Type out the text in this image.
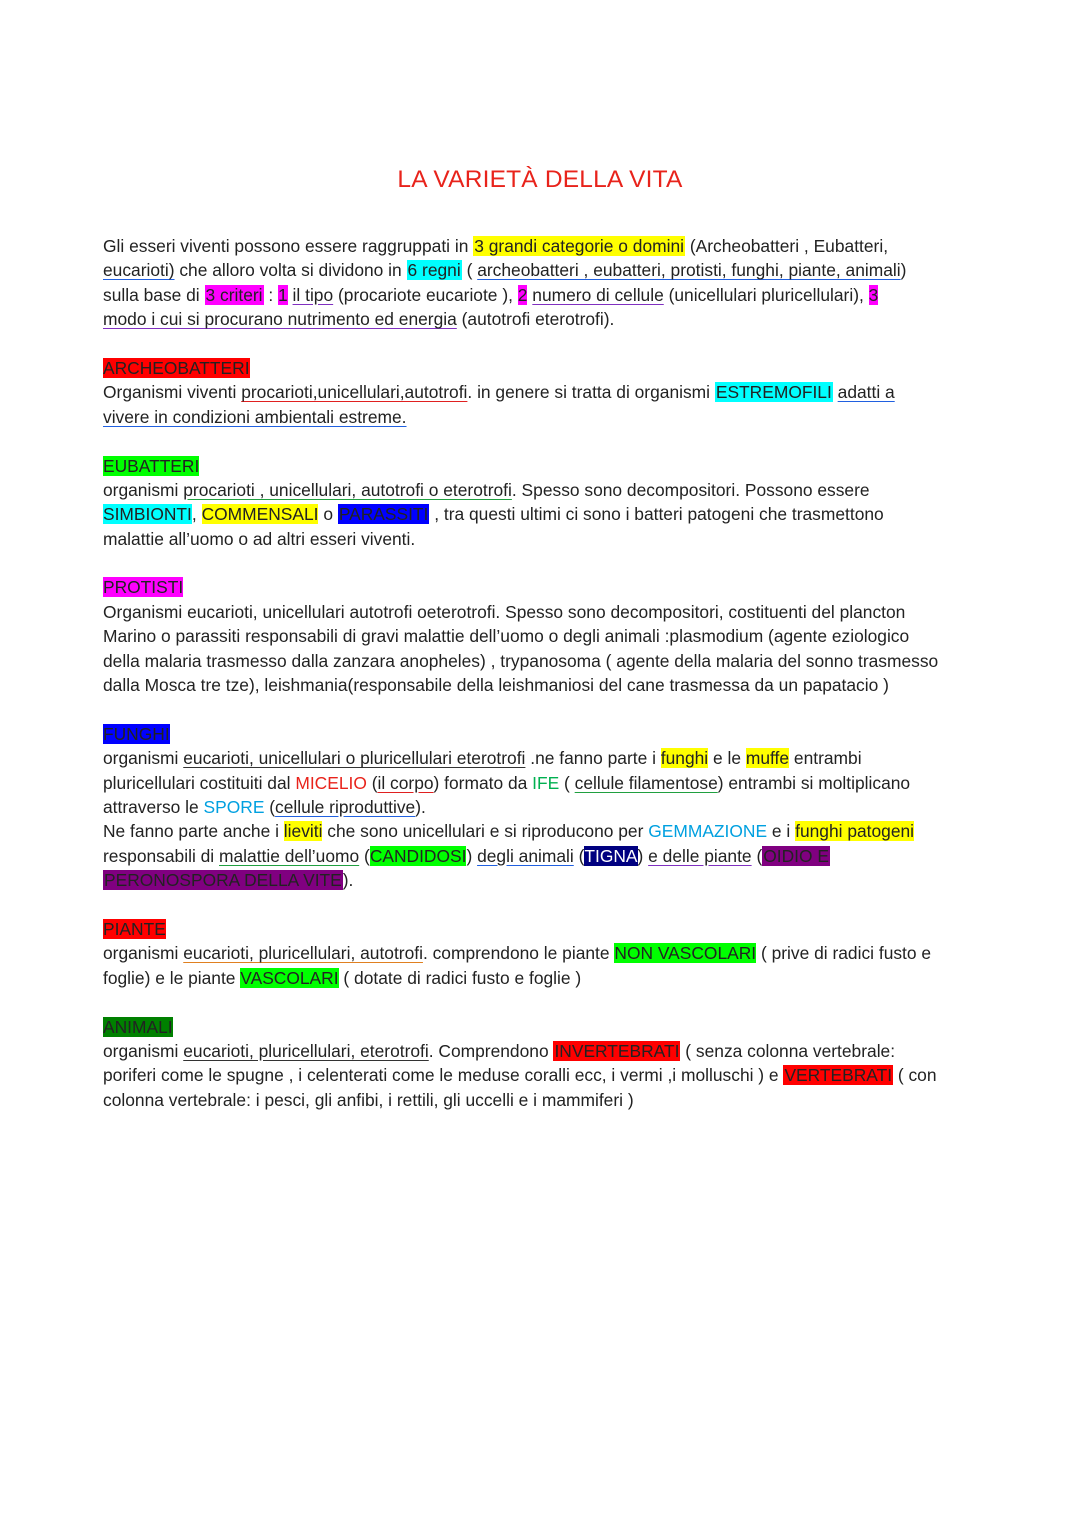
LA VARIETÀ DELLA VITA
Gli esseri viventi possono essere raggruppati in 3 grandi categorie o domini (Archeobatteri , Eubatteri,
eucarioti) che alloro volta si dividono in 6 regni ( archeobatteri , eubatteri, protisti, funghi, piante, animali)
sulla base di 3 criteri : 1 il tipo (procariote eucariote ), 2 numero di cellule (unicellulari pluricellulari), 3
modo i cui si procurano nutrimento ed energia (autotrofi eterotrofi).
ARCHEOBATTERI
Organismi viventi procarioti,unicellulari,autotrofi. in genere si tratta di organismi ESTREMOFILI adatti a
vivere in condizioni ambientali estreme.
EUBATTERI
organismi procarioti , unicellulari, autotrofi o eterotrofi. Spesso sono decompositori. Possono essere
SIMBIONTI, COMMENSALI o PARASSITI , tra questi ultimi ci sono i batteri patogeni che trasmettono
malattie all’uomo o ad altri esseri viventi.
PROTISTI
Organismi eucarioti, unicellulari autotrofi oeterotrofi. Spesso sono decompositori, costituenti del plancton
Marino o parassiti responsabili di gravi malattie dell’uomo o degli animali :plasmodium (agente eziologico
della malaria trasmesso dalla zanzara anopheles) , trypanosoma ( agente della malaria del sonno trasmesso
dalla Mosca tre tze), leishmania(responsabile della leishmaniosi del cane trasmessa da un papatacio )
FUNGHI
organismi eucarioti, unicellulari o pluricellulari eterotrofi .ne fanno parte i funghi e le muffe entrambi
pluricellulari costituiti dal MICELIO (il corpo) formato da IFE ( cellule filamentose) entrambi si moltiplicano
attraverso le SPORE (cellule riproduttive).
Ne fanno parte anche i lieviti che sono unicellulari e si riproducono per GEMMAZIONE e i funghi patogeni
responsabili di malattie dell’uomo (CANDIDOSI) degli animali (TIGNA) e delle piante (OIDIO E
PERONOSPORA DELLA VITE).
PIANTE
organismi eucarioti, pluricellulari, autotrofi. comprendono le piante NON VASCOLARI ( prive di radici fusto e
foglie) e le piante VASCOLARI ( dotate di radici fusto e foglie )
ANIMALI
organismi eucarioti, pluricellulari, eterotrofi. Comprendono INVERTEBRATI ( senza colonna vertebrale:
poriferi come le spugne , i celenterati come le meduse coralli ecc, i vermi ,i molluschi ) e VERTEBRATI ( con
colonna vertebrale: i pesci, gli anfibi, i rettili, gli uccelli e i mammiferi )
